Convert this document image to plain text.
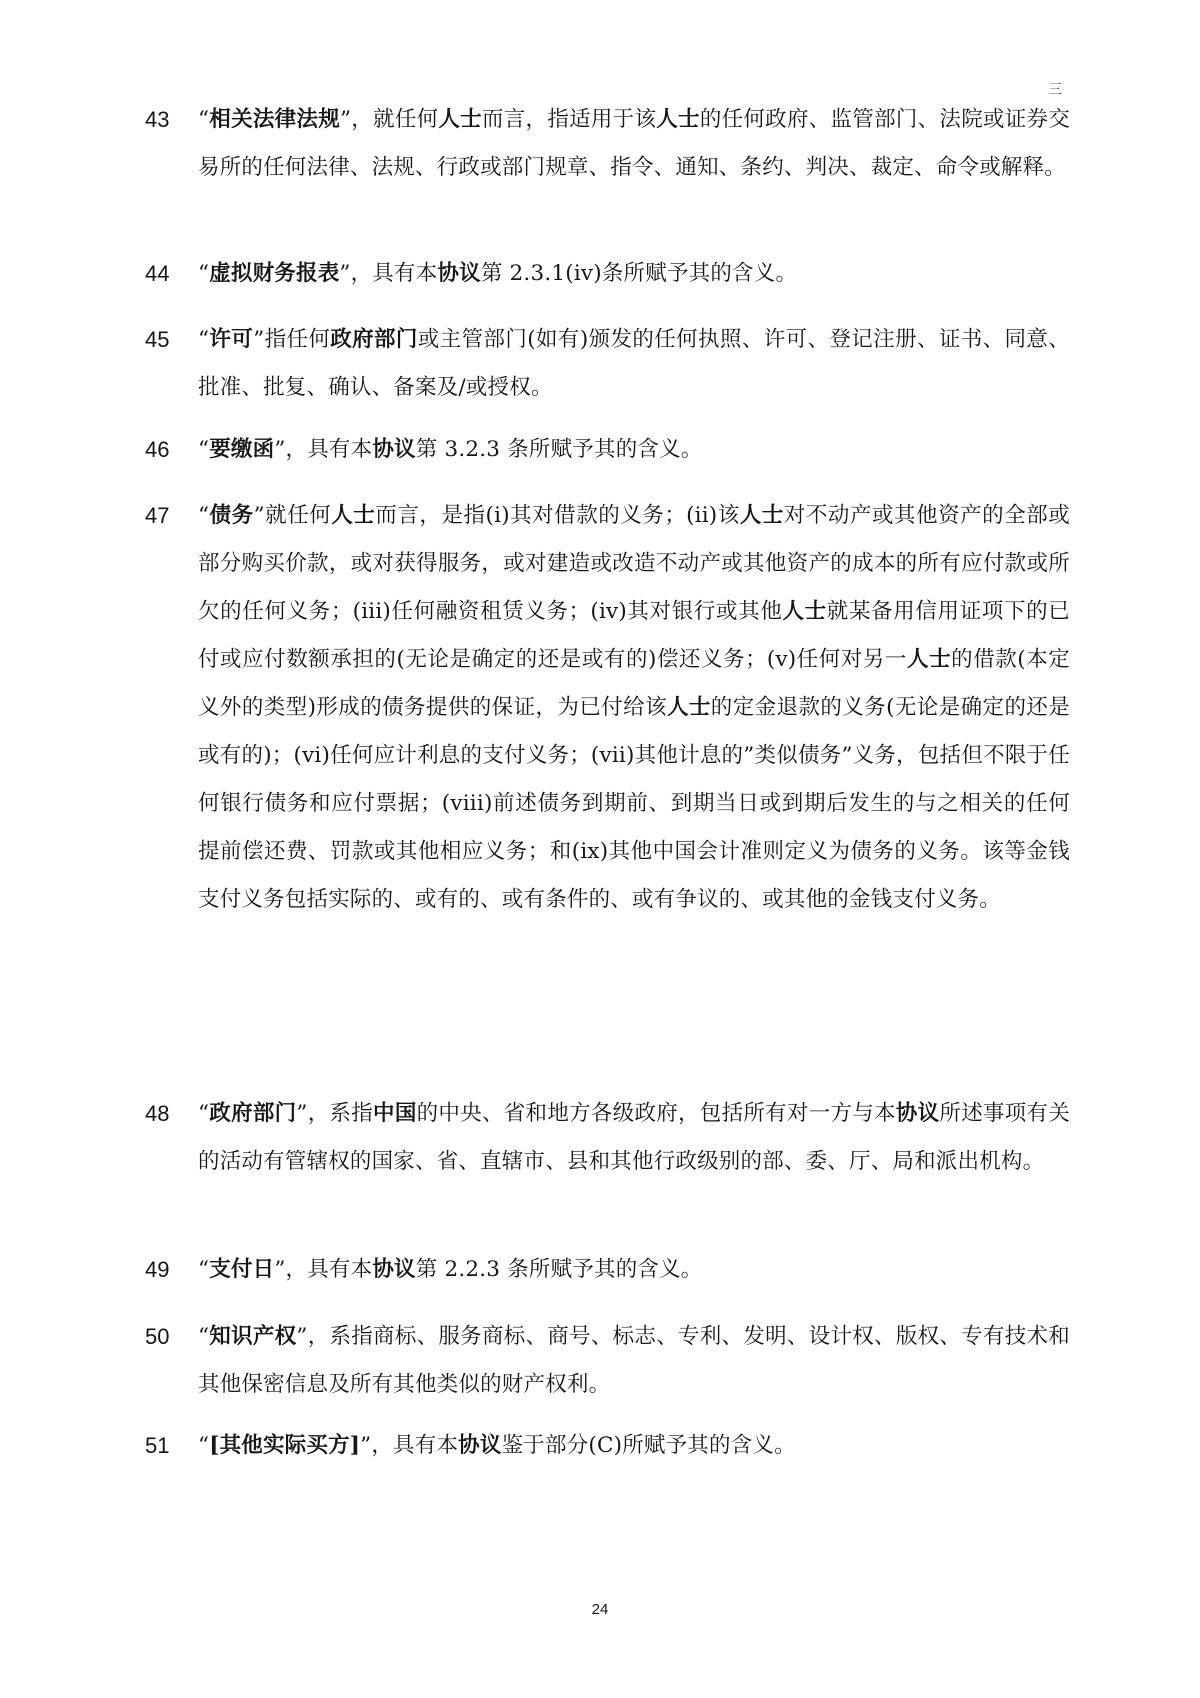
三
43	“相关法律法规”，就任何人士而言，指适用于该人士的任何政府、监管部门、法院或证券交易所的任何法律、法规、行政或部门规章、指令、通知、条约、判决、裁定、命令或解释。
44	“虚拟财务报表”，具有本协议第 2.3.1(iv)条所赋予其的含义。
45	“许可”指任何政府部门或主管部门(如有)颁发的任何执照、许可、登记注册、证书、同意、批准、批复、确认、备案及/或授权。
46	“要缴函”，具有本协议第 3.2.3 条所赋予其的含义。
47	“债务”就任何人士而言，是指(i)其对借款的义务；(ii)该人士对不动产或其他资产的全部或部分购买价款，或对获得服务，或对建造或改造不动产或其他资产的成本的所有应付款或所欠的任何义务；(iii)任何融资租赁义务；(iv)其对银行或其他人士就某备用信用证项下的已付或应付数额承担的(无论是确定的还是或有的)偿还义务；(v)任何对另一人士的借款(本定义外的类型)形成的债务提供的保证，为已付给该人士的定金退款的义务(无论是确定的还是或有的)；(vi)任何应计利息的支付义务；(vii)其他计息的”类似债务”义务，包括但不限于任何银行债务和应付票据；(viii)前述债务到期前、到期当日或到期后发生的与之相关的任何提前偿还费、罚款或其他相应义务；和(ix)其他中国会计准则定义为债务的义务。该等金钱支付义务包括实际的、或有的、或有条件的、或有争议的、或其他的金钱支付义务。
48	“政府部门”，系指中国的中央、省和地方各级政府，包括所有对一方与本协议所述事项有关的活动有管辖权的国家、省、直辖市、县和其他行政级别的部、委、厅、局和派出机构。
49	“支付日”，具有本协议第 2.2.3 条所赋予其的含义。
50	“知识产权”，系指商标、服务商标、商号、标志、专利、发明、设计权、版权、专有技术和其他保密信息及所有其他类似的财产权利。
51	“[其他实际买方]”，具有本协议鉴于部分(C)所赋予其的含义。
24
